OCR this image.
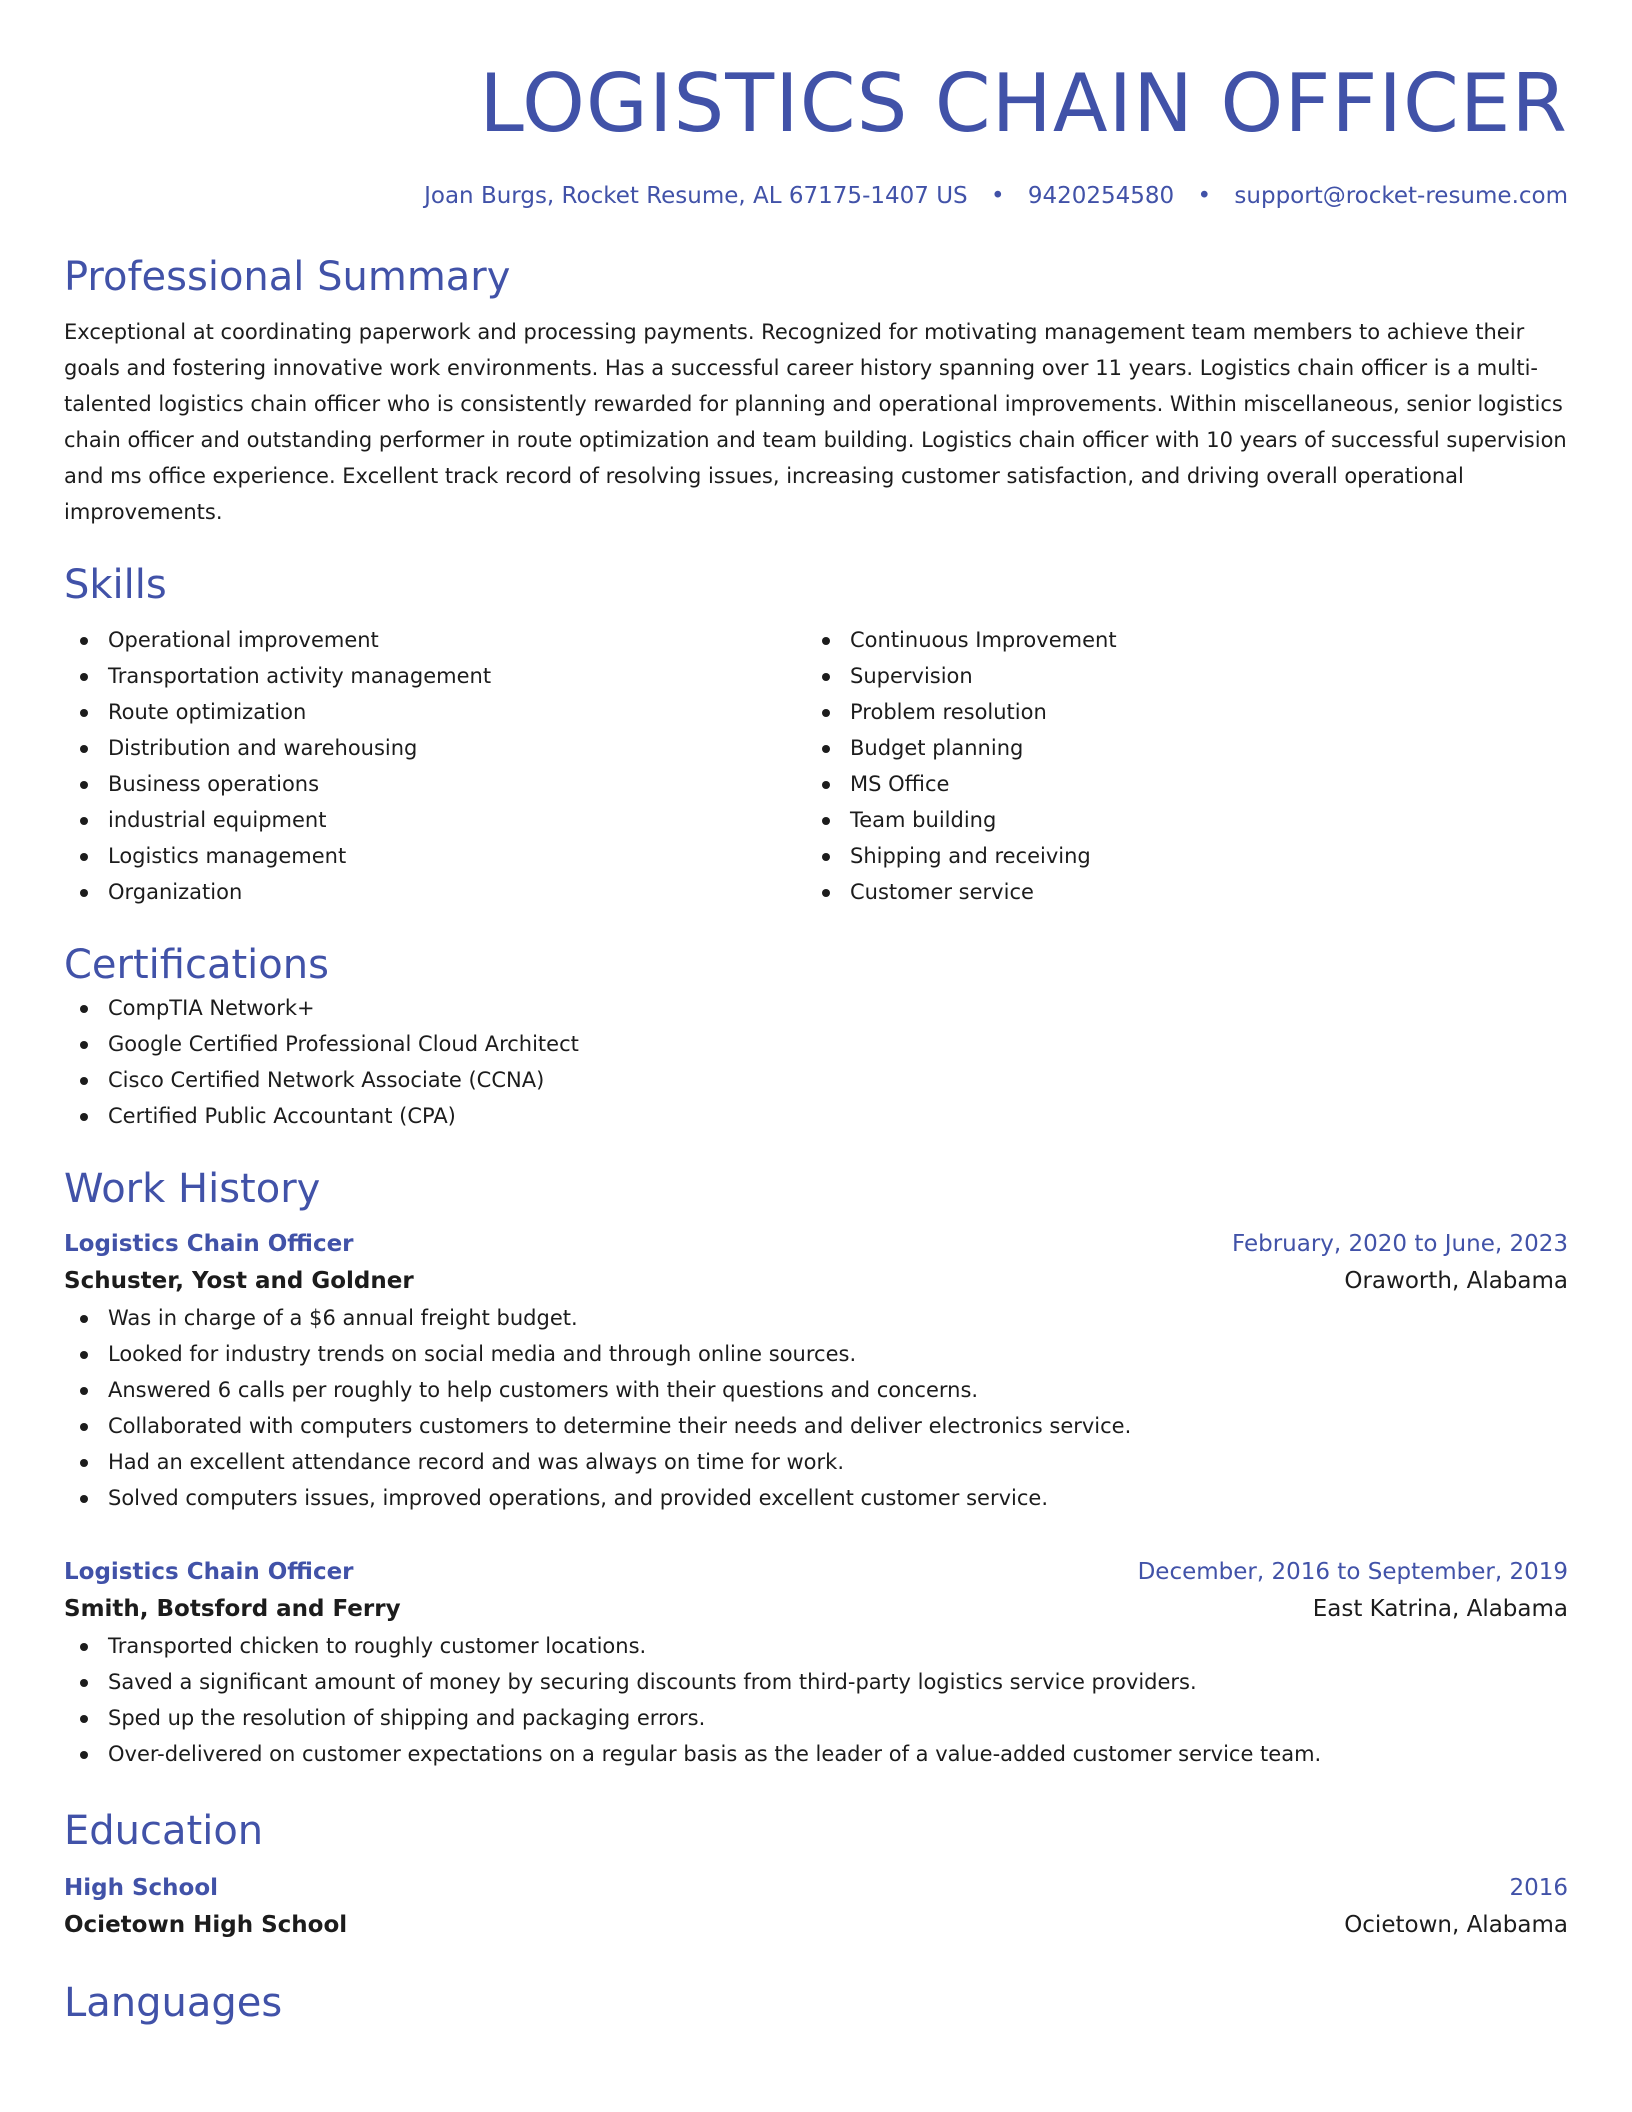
LOGISTICS CHAIN OFFICER
Joan Burgs, Rocket Resume, AL 67175-1407 US • 9420254580 • support@rocket-resume.com
Professional Summary
Exceptional at coordinating paperwork and processing payments. Recognized for motivating management team members to achieve their goals and fostering innovative work environments. Has a successful career history spanning over 11 years. Logistics chain officer is a multi-talented logistics chain officer who is consistently rewarded for planning and operational improvements. Within miscellaneous, senior logistics chain officer and outstanding performer in route optimization and team building. Logistics chain officer with 10 years of successful supervision and ms office experience. Excellent track record of resolving issues, increasing customer satisfaction, and driving overall operational improvements.
Skills
Operational improvement
Transportation activity management
Route optimization
Distribution and warehousing
Business operations
industrial equipment
Logistics management
Organization
Continuous Improvement
Supervision
Problem resolution
Budget planning
MS Office
Team building
Shipping and receiving
Customer service
Certifications
CompTIA Network+
Google Certified Professional Cloud Architect
Cisco Certified Network Associate (CCNA)
Certified Public Accountant (CPA)
Work History
Logistics Chain Officer	February, 2020 to June, 2023
Schuster, Yost and Goldner	Oraworth, Alabama
Was in charge of a $6 annual freight budget.
Looked for industry trends on social media and through online sources.
Answered 6 calls per roughly to help customers with their questions and concerns.
Collaborated with computers customers to determine their needs and deliver electronics service.
Had an excellent attendance record and was always on time for work.
Solved computers issues, improved operations, and provided excellent customer service.
Logistics Chain Officer	December, 2016 to September, 2019
Smith, Botsford and Ferry	East Katrina, Alabama
Transported chicken to roughly customer locations.
Saved a significant amount of money by securing discounts from third-party logistics service providers.
Sped up the resolution of shipping and packaging errors.
Over-delivered on customer expectations on a regular basis as the leader of a value-added customer service team.
Education
High School	2016
Ocietown High School	Ocietown, Alabama
Languages
